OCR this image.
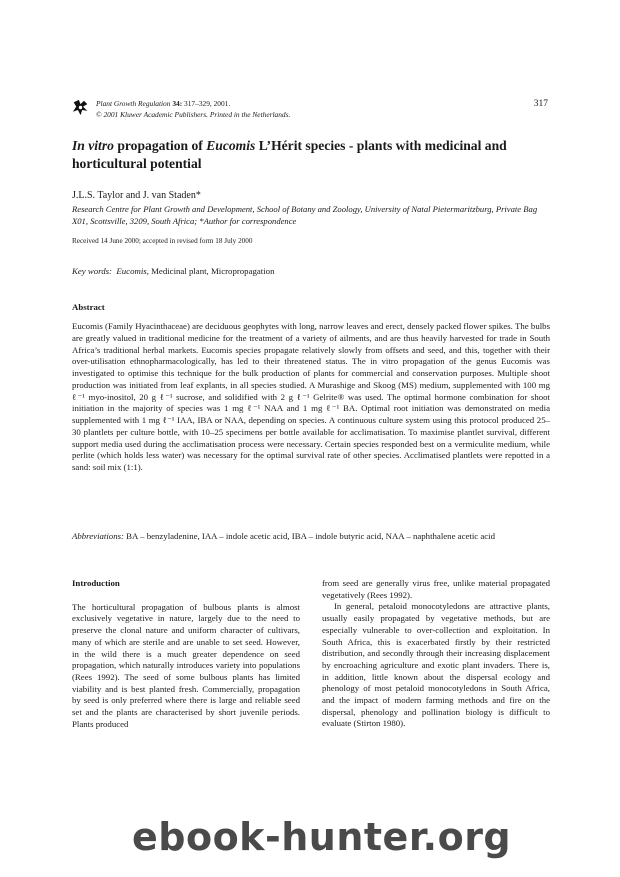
Plant Growth Regulation 34: 317–329, 2001.
© 2001 Kluwer Academic Publishers. Printed in the Netherlands.
317
In vitro propagation of Eucomis L’Hérit species - plants with medicinal and horticultural potential
J.L.S. Taylor and J. van Staden*
Research Centre for Plant Growth and Development, School of Botany and Zoology, University of Natal Pietermaritzburg, Private Bag X01, Scottsville, 3209, South Africa; *Author for correspondence
Received 14 June 2000; accepted in revised form 18 July 2000
Key words: Eucomis, Medicinal plant, Micropropagation
Abstract

Eucomis (Family Hyacinthaceae) are deciduous geophytes with long, narrow leaves and erect, densely packed flower spikes. The bulbs are greatly valued in traditional medicine for the treatment of a variety of ailments, and are thus heavily harvested for trade in South Africa’s traditional herbal markets. Eucomis species propagate relatively slowly from offsets and seed, and this, together with their over-utilisation ethnopharmacologically, has led to their threatened status. The in vitro propagation of the genus Eucomis was investigated to optimise this technique for the bulk production of plants for commercial and conservation purposes. Multiple shoot production was initiated from leaf explants, in all species studied. A Murashige and Skoog (MS) medium, supplemented with 100 mg ℓ⁻¹ myo-inositol, 20 g ℓ⁻¹ sucrose, and solidified with 2 g ℓ⁻¹ Gelrite® was used. The optimal hormone combination for shoot initiation in the majority of species was 1 mg ℓ⁻¹ NAA and 1 mg ℓ⁻¹ BA. Optimal root initiation was demonstrated on media supplemented with 1 mg ℓ⁻¹ IAA, IBA or NAA, depending on species. A continuous culture system using this protocol produced 25–30 plantlets per culture bottle, with 10–25 specimens per bottle available for acclimatisation. To maximise plantlet survival, different support media used during the acclimatisation process were necessary. Certain species responded best on a vermiculite medium, while perlite (which holds less water) was necessary for the optimal survival rate of other species. Acclimatised plantlets were repotted in a sand: soil mix (1:1).

Abbreviations: BA – benzyladenine, IAA – indole acetic acid, IBA – indole butyric acid, NAA – naphthalene acetic acid

Introduction

The horticultural propagation of bulbous plants is almost exclusively vegetative in nature, largely due to the need to preserve the clonal nature and uniform character of cultivars, many of which are sterile and are unable to set seed. However, in the wild there is a much greater dependence on seed propagation, which naturally introduces variety into populations (Rees 1992). The seed of some bulbous plants has limited viability and is best planted fresh. Commercially, propagation by seed is only preferred where there is large and reliable seed set and the plants are characterised by short juvenile periods. Plants produced

from seed are generally virus free, unlike material propagated vegetatively (Rees 1992).

In general, petaloid monocotyledons are attractive plants, usually easily propagated by vegetative methods, but are especially vulnerable to over-collection and exploitation. In South Africa, this is exacerbated firstly by their restricted distribution, and secondly through their increasing displacement by encroaching agriculture and exotic plant invaders. There is, in addition, little known about the dispersal ecology and phenology of most petaloid monocotyledons in South Africa, and the impact of modern farming methods and fire on the dispersal, phenology and pollination biology is difficult to evaluate (Stirton 1980).

ebook-hunter.org
